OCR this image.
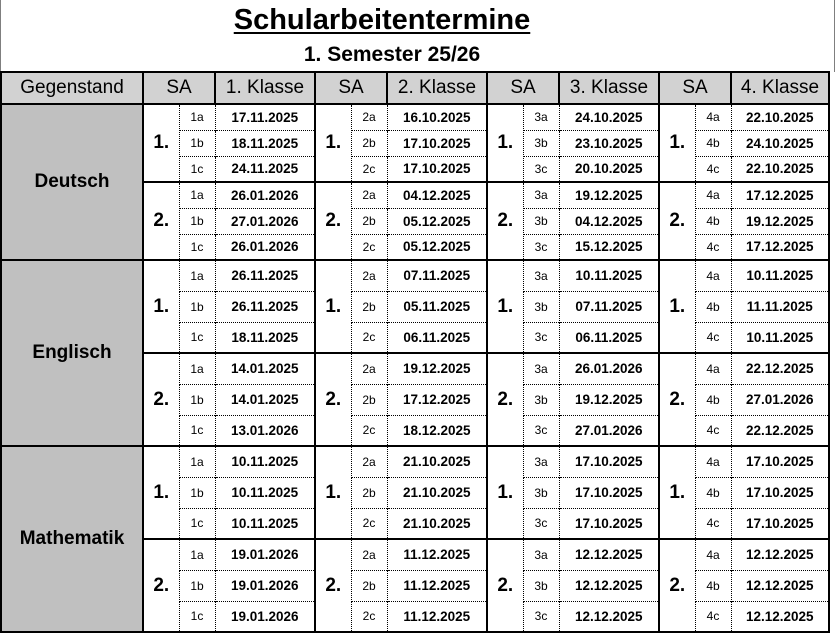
Schularbeitentermine
1. Semester 25/26
Gegenstand	SA		1. Klasse	SA		2. Klasse	SA		3. Klasse	SA		4. Klasse
Deutsch	1.	1a	17.11.2025	1.	2a	16.10.2025	1.	3a	24.10.2025	1.	4a	22.10.2025
		1b	18.11.2025		2b	17.10.2025		3b	23.10.2025		4b	24.10.2025
		1c	24.11.2025		2c	17.10.2025		3c	20.10.2025		4c	22.10.2025
	2.	1a	26.01.2026	2.	2a	04.12.2025	2.	3a	19.12.2025	2.	4a	17.12.2025
		1b	27.01.2026		2b	05.12.2025		3b	04.12.2025		4b	19.12.2025
		1c	26.01.2026		2c	05.12.2025		3c	15.12.2025		4c	17.12.2025
Englisch	1.	1a	26.11.2025	1.	2a	07.11.2025	1.	3a	10.11.2025	1.	4a	10.11.2025
		1b	26.11.2025		2b	05.11.2025		3b	07.11.2025		4b	11.11.2025
		1c	18.11.2025		2c	06.11.2025		3c	06.11.2025		4c	10.11.2025
	2.	1a	14.01.2025	2.	2a	19.12.2025	2.	3a	26.01.2026	2.	4a	22.12.2025
		1b	14.01.2025		2b	17.12.2025		3b	19.12.2025		4b	27.01.2026
		1c	13.01.2026		2c	18.12.2025		3c	27.01.2026		4c	22.12.2025
Mathematik	1.	1a	10.11.2025	1.	2a	21.10.2025	1.	3a	17.10.2025	1.	4a	17.10.2025
		1b	10.11.2025		2b	21.10.2025		3b	17.10.2025		4b	17.10.2025
		1c	10.11.2025		2c	21.10.2025		3c	17.10.2025		4c	17.10.2025
	2.	1a	19.01.2026	2.	2a	11.12.2025	2.	3a	12.12.2025	2.	4a	12.12.2025
		1b	19.01.2026		2b	11.12.2025		3b	12.12.2025		4b	12.12.2025
		1c	19.01.2026		2c	11.12.2025		3c	12.12.2025		4c	12.12.2025
